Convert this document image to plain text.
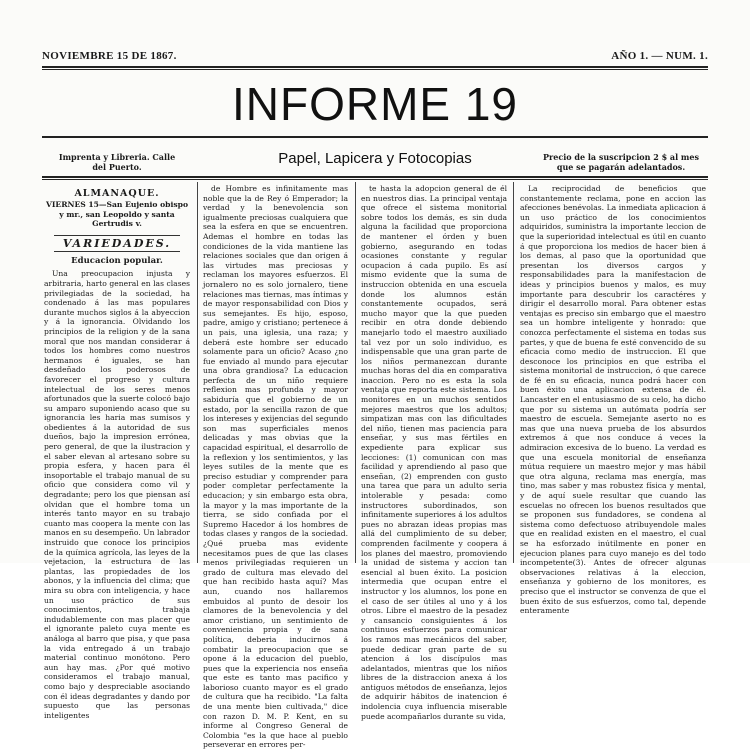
NOVIEMBRE 15 DE 1867.	AÑO 1. — NUM. 1.
INFORME 19
Imprenta y Libreria. Calle del Puerto.	Papel, Lapicera y Fotocopias	Precio de la suscripcion 2 $ al mes que se pagarán adelantados.
ALMANAQUE.
VIERNES 15—San Eujenio obispo y mr., san Leopoldo y santa Gertrudis v.
VARIEDADES.
Educacion popular.

Una preocupacion injusta y arbitraria, harto general en las clases privilegiadas de la sociedad, ha condenado á las mas populares durante muchos siglos á la abyeccion y á la ignorancia. Olvidando los principios de la religion y de la sana moral que nos mandan considerar á todos los hombres como nuestros hermanos é iguales, se han desdeñado los poderosos de favorecer el progreso y cultura intelectual de los seres menos afortunados que la suerte colocó bajo su amparo suponiendo acaso que su ignorancia les haria mas sumisos y obedientes á la autoridad de sus dueños, bajo la impresion errónea, pero general, de que la ilustracion y el saber elevan al artesano sobre su propia esfera, y hacen para él insoportable el trabajo manual de su oficio que considera como vil y degradante; pero los que piensan así olvidan que el hombre toma un interés tanto mayor en su trabajo cuanto mas coopera la mente con las manos en su desempeño. Un labrador instruido que conoce los principios de la química agrícola, las leyes de la vejetacion, la estructura de las plantas, las propiedades de los abonos, y la influencia del clima; que mira su obra con inteligencia, y hace un uso práctico de sus conocimientos, trabaja indudablemente con mas placer que el ignorante paleto cuya mente es análoga al barro que pisa, y que pasa la vida entregado á un trabajo material continuo monótono. Pero aun hay mas. ¿Por qué motivo consideramos el trabajo manual, como bajo y despreciable asociando con él ideas degradantes y dando por supuesto que las personas inteligentes

de Hombre es infinitamente mas noble que la de Rey ó Emperador; la verdad y la benevolencia son igualmente preciosas cualquiera que sea la esfera en que se encuentren. Ademas el hombre en todas las condiciones de la vida mantiene las relaciones sociales que dan origen á las virtudes mas preciosas y reclaman los mayores esfuerzos. El jornalero no es solo jornalero, tiene relaciones mas tiernas, mas íntimas y de mayor responsabilidad con Dios y sus semejantes. Es hijo, esposo, padre, amigo y cristiano; pertenece á un pais, una iglesia, una raza; y deberá este hombre ser educado solamente para un oficio? Acaso ¿no fue enviado al mundo para ejecutar una obra grandiosa? La educacion perfecta de un niño requiere reflexion mas profunda y mayor sabiduría que el gobierno de un estado, por la sencilla razon de que los intereses y exijencias del segundo son mas superficiales menos delicadas y mas obvias que la capacidad espiritual, el desarrollo de la reflexion y los sentimientos, y las leyes sutiles de la mente que es preciso estudiar y comprender para poder completar perfectamente la educacion; y sin embargo esta obra, la mayor y la mas importante de la tierra, se sido confiada por el Supremo Hacedor á los hombres de todas clases y rangos de la sociedad. ¿Qué prueba mas evidente necesitamos pues de que las clases menos privilegiadas requieren un grado de cultura mas elevado del que han recibido hasta aquí? Mas aun, cuando nos hallaremos embuidos al punto de desoir los clamores de la benevolencia y del amor cristiano, un sentimiento de conveniencia propia y de sana política, deberia inducirnos á combatir la preocupacion que se opone á la educacion del pueblo, pues que la experiencia nos enseña que este es tanto mas pacifico y laborioso cuanto mayor es el grado de cultura que ha recibido. "La falta de una mente bien cultivada," dice con razon D. M. P. Kent, en su informe al Congreso General de Colombia "es la que hace al pueblo perseverar en errores per-

te hasta la adopcion general de él en nuestros dias. La principal ventaja que ofrece el sistema monitorial sobre todos los demás, es sin duda alguna la facilidad que proporciona de mantener el órden y buen gobierno, asegurando en todas ocasiones constante y regular ocupacion á cada pupilo. Es así mismo evidente que la suma de instruccion obtenida en una escuela donde los alumnos están constantemente ocupados, será mucho mayor que la que pueden recibir en otra donde debiendo manejarlo todo el maestro auxiliado tal vez por un solo individuo, es indispensable que una gran parte de los niños permanezcan durante muchas horas del dia en comparativa inaccion. Pero no es esta la sola ventaja que reporta este sistema. Los monitores en un muchos sentidos mejores maestros que los adultos; simpatizan mas con las dificultades del niño, tienen mas paciencia para enseñar, y sus mas fértiles en expediente para explicar sus lecciones: (1) comunican con mas facilidad y aprendiendo al paso que enseñan, (2) emprenden con gusto una tarea que para un adulto seria intolerable y pesada: como instructores subordinados, son infinitamente superiores á los adultos pues no abrazan ideas propias mas allá del cumplimiento de su deber, comprenden facilmente y coopera á los planes del maestro, promoviendo la unidad de sistema y accion tan esencial al buen éxito. La posicion intermedia que ocupan entre el instructor y los alumnos, los pone en el caso de ser útiles al uno y á los otros. Libre el maestro de la pesadez y cansancio consiguientes á los continuos esfuerzos para comunicar los ramos mas mecánicos del saber, puede dedicar gran parte de su atencion á los discípulos mas adelantados, mientras que los niños libres de la distraccion anexa á los antiguos métodos de enseñanza, lejos de adquirir hábitos de inatencion é indolencia cuya influencia miserable puede acompañarlos durante su vida,

La reciprocidad de beneficios que constantemente reclama, pone en accion las afecciones benévolas. La inmediata aplicacion á un uso práctico de los conocimientos adquiridos, suministra la importante leccion de que la superioridad intelectual es útil en cuanto á que proporciona los medios de hacer bien á los demas, al paso que la oportunidad que presentan los diversos cargos y responsabilidades para la manifestacion de ideas y principios buenos y malos, es muy importante para descubrir los caractéres y dirigir el desarrollo moral. Para obtener estas ventajas es preciso sin embargo que el maestro sea un hombre inteligente y honrado: que conozca perfectamente el sistema en todas sus partes, y que de buena fe esté convencido de su eficacia como medio de instruccion. El que desconoce los principios en que estriba el sistema monitorial de instruccion, ó que carece de fé en su eficacia, nunca podrá hacer con buen éxito una aplicacion extensa de él. Lancaster en el entusiasmo de su celo, ha dicho que por su sistema un autómata podría ser maestro de escuela. Semejante aserto no es mas que una nueva prueba de los absurdos extremos á que nos conduce á veces la admiracion excesiva de lo bueno. La verdad es que una escuela monitorial de enseñanza mútua requiere un maestro mejor y mas hábil que otra alguna, reclama mas energía, mas tino, mas saber y mas robustez física y mental, y de aquí suele resultar que cuando las escuelas no ofrecen los buenos resultados que se proponen sus fundadores, se condena al sistema como defectuoso atribuyendole males que en realidad existen en el maestro, el cual se ha esforzado inútilmente en poner en ejecucion planes para cuyo manejo es del todo incompetente(3). Antes de ofrecer algunas observaciones relativas á la eleccion, enseñanza y gobierno de los monitores, es preciso que el instructor se convenza de que el buen éxito de sus esfuerzos, como tal, depende enteramente
